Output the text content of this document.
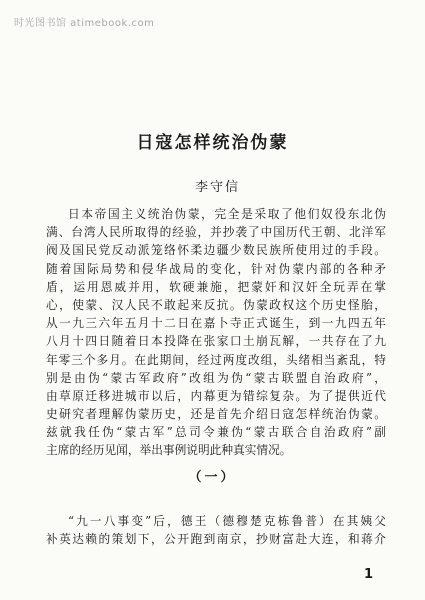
时光图书馆 atimebook.com
日寇怎样统治伪蒙
李守信
日本帝国主义统治伪蒙，完全是采取了他们奴役东北伪
满、台湾人民所取得的经验，并抄袭了中国历代王朝、北洋军
阀及国民党反动派笼络怀柔边疆少数民族所使用过的手段。
随着国际局势和侵华战局的变化，针对伪蒙内部的各种矛
盾，运用恩威并用，软硬兼施，把蒙奸和汉奸全玩弄在掌
心，使蒙、汉人民不敢起来反抗。伪蒙政权这个历史怪胎，
从一九三六年五月十二日在嘉卜寺正式诞生，到一九四五年
八月十四日随着日本投降在张家口土崩瓦解，一共存在了九
年零三个多月。在此期间，经过两度改组，头绪相当紊乱，特
别是由伪“蒙古军政府”改组为伪“蒙古联盟自治政府”，
由草原迁移进城市以后，内幕更为错综复杂。为了提供近代
史研究者理解伪蒙历史，还是首先介绍日寇怎样统治伪蒙。
兹就我任伪“蒙古军”总司令兼伪“蒙古联合自治政府”副
主席的经历见闻，举出事例说明此种真实情况。
（一）
“九一八事变”后，德王（德穆楚克栋鲁普）在其姨父
补英达赖的策划下，公开跑到南京，抄财富赴大连，和蒋介
1
